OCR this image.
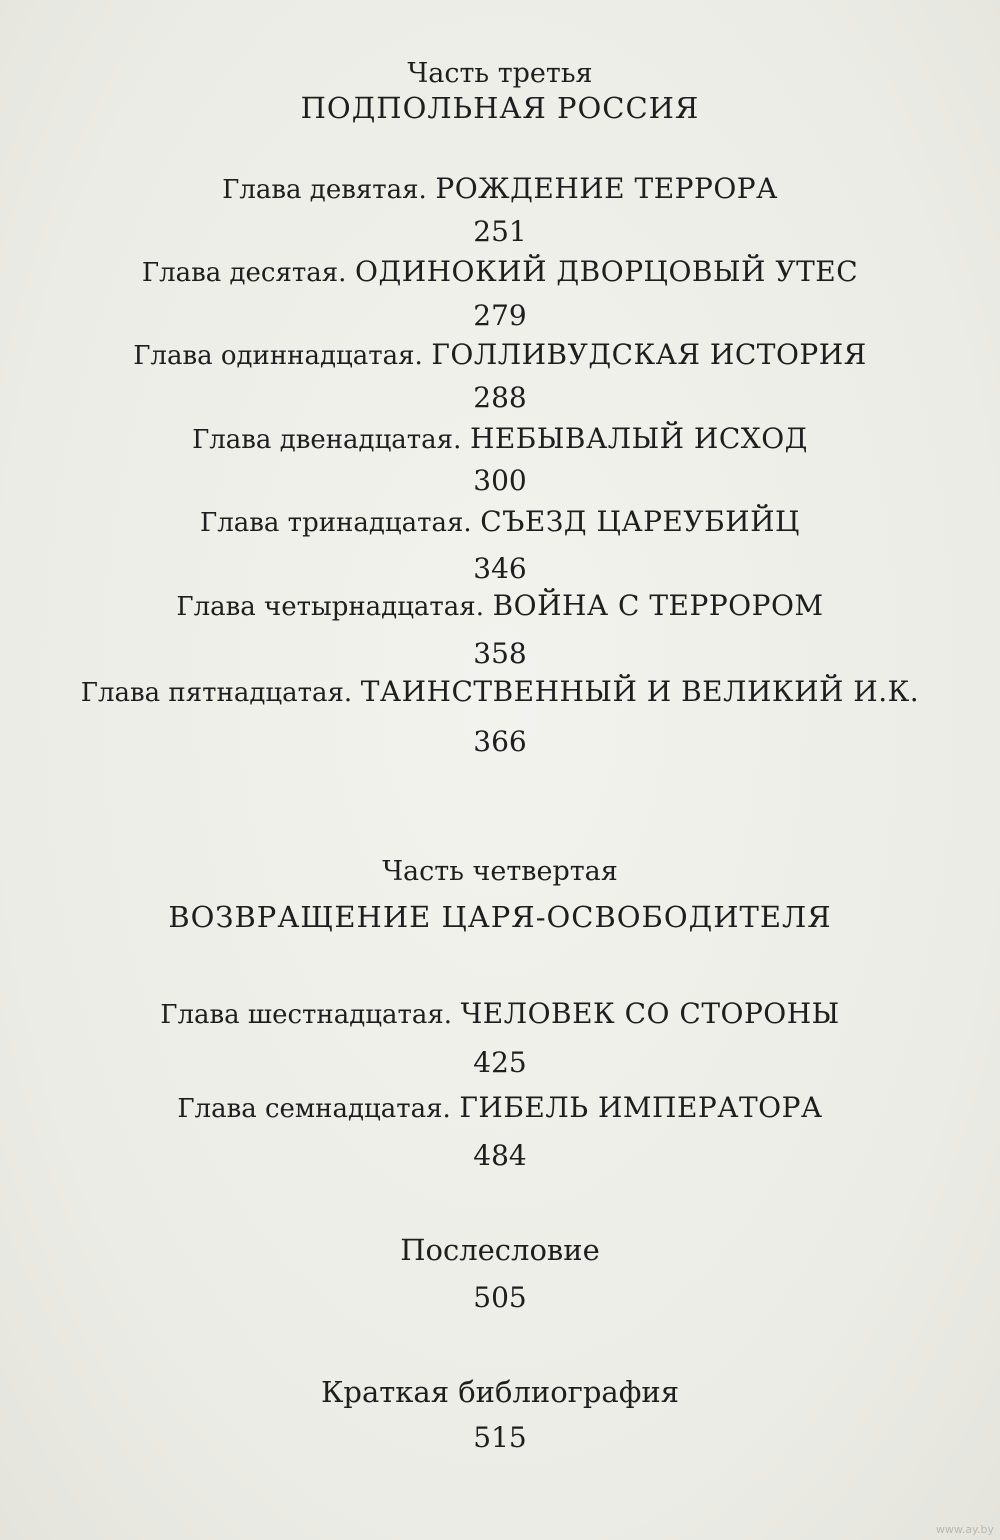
Часть третья
ПОДПОЛЬНАЯ РОССИЯ
Глава девятая. РОЖДЕНИЕ ТЕРРОРА
251
Глава десятая. ОДИНОКИЙ ДВОРЦОВЫЙ УТЕС
279
Глава одиннадцатая. ГОЛЛИВУДСКАЯ ИСТОРИЯ
288
Глава двенадцатая. НЕБЫВАЛЫЙ ИСХОД
300
Глава тринадцатая. СЪЕЗД ЦАРЕУБИЙЦ
346
Глава четырнадцатая. ВОЙНА С ТЕРРОРОМ
358
Глава пятнадцатая. ТАИНСТВЕННЫЙ И ВЕЛИКИЙ И.К.
366
Часть четвертая
ВОЗВРАЩЕНИЕ ЦАРЯ-ОСВОБОДИТЕЛЯ
Глава шестнадцатая. ЧЕЛОВЕК СО СТОРОНЫ
425
Глава семнадцатая. ГИБЕЛЬ ИМПЕРАТОРА
484
Послесловие
505
Краткая библиография
515
www.ay.by
